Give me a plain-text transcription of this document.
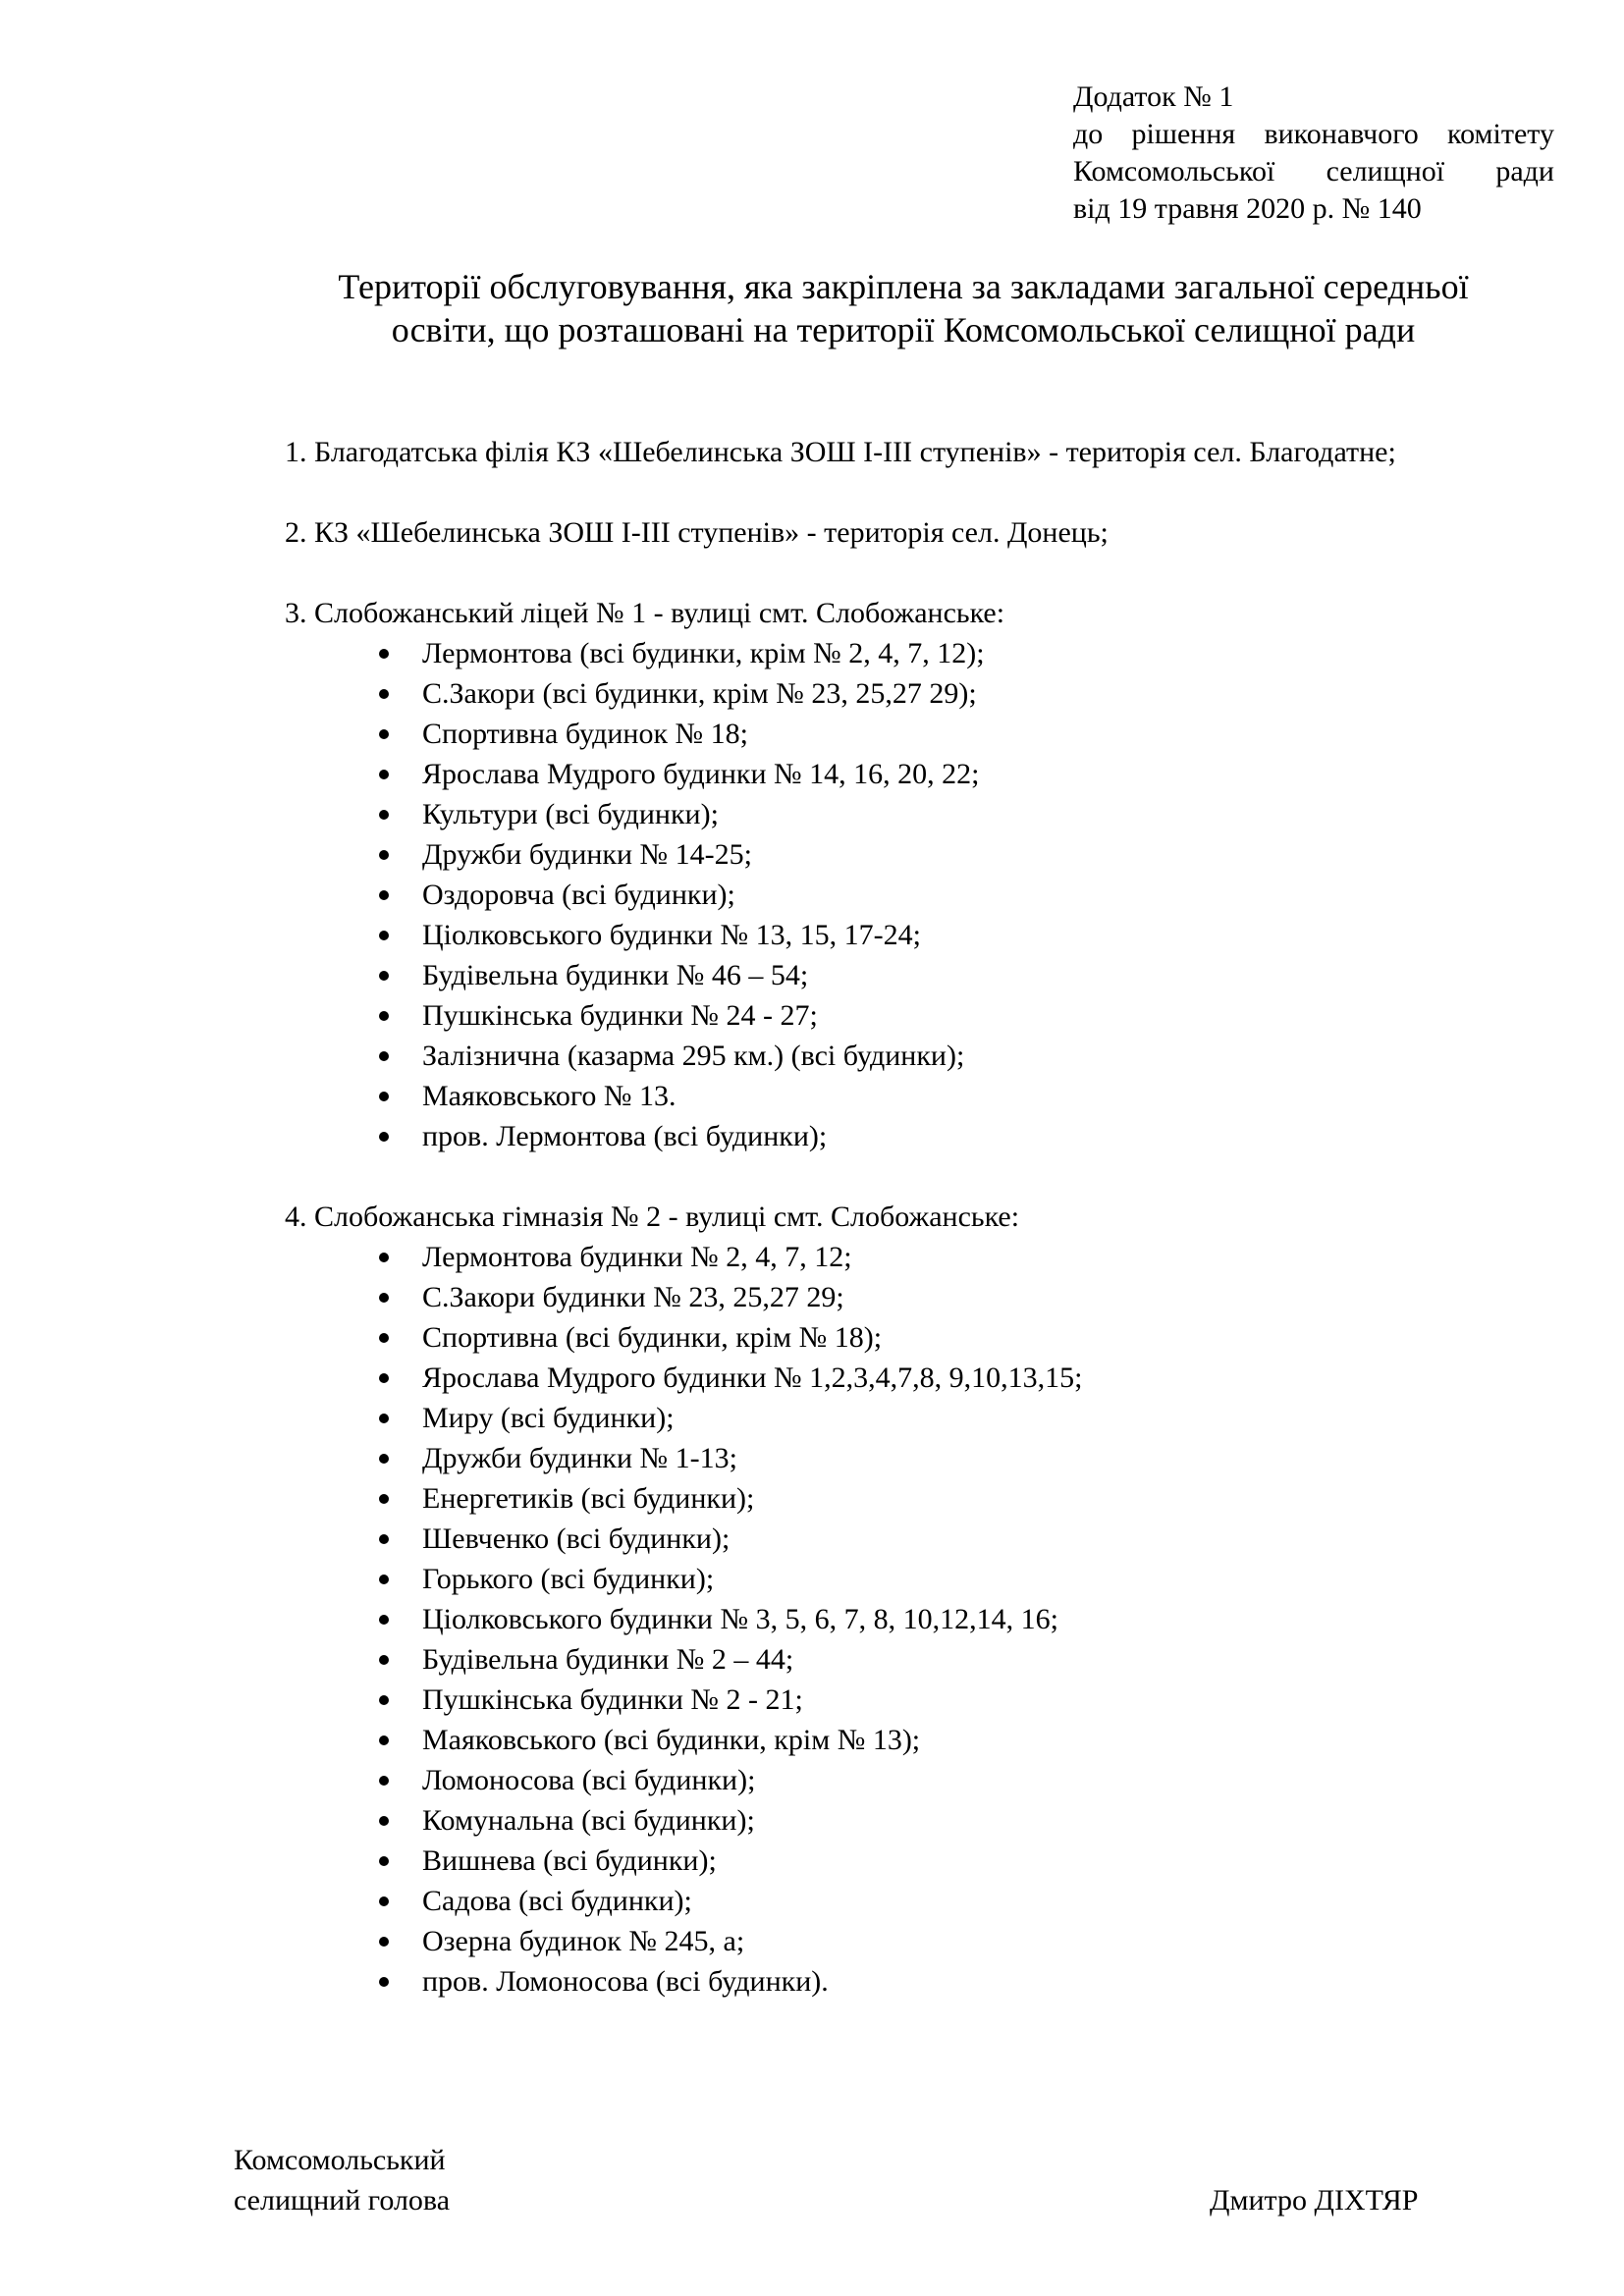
Додаток № 1
до рішення виконавчого комітету
Комсомольської селищної ради
від 19 травня 2020 р. № 140
Території обслуговування, яка закріплена за закладами загальної середньої
освіти, що розташовані на території Комсомольської селищної ради

1. Благодатська філія КЗ «Шебелинська ЗОШ І-ІІІ ступенів» - територія сел. Благодатне;

2. КЗ «Шебелинська ЗОШ І-ІІІ ступенів» - територія сел. Донець;

3. Слобожанський ліцей № 1 - вулиці смт. Слобожанське:

Лермонтова (всі будинки, крім № 2, 4, 7, 12);
С.Закори (всі будинки, крім № 23, 25,27 29);
Спортивна будинок № 18;
Ярослава Мудрого будинки № 14, 16, 20, 22;
Культури (всі будинки);
Дружби будинки № 14-25;
Оздоровча (всі будинки);
Ціолковського будинки № 13, 15, 17-24;
Будівельна будинки № 46 – 54;
Пушкінська будинки № 24 - 27;
Залізнична (казарма 295 км.) (всі будинки);
Маяковського № 13.
пров. Лермонтова (всі будинки);

4. Слобожанська гімназія № 2 - вулиці смт. Слобожанське:

Лермонтова будинки № 2, 4, 7, 12;
С.Закори будинки № 23, 25,27 29;
Спортивна (всі будинки, крім № 18);
Ярослава Мудрого будинки № 1,2,3,4,7,8, 9,10,13,15;
Миру (всі будинки);
Дружби будинки № 1-13;
Енергетиків (всі будинки);
Шевченко (всі будинки);
Горького (всі будинки);
Ціолковського будинки № 3, 5, 6, 7, 8, 10,12,14, 16;
Будівельна будинки № 2 – 44;
Пушкінська будинки № 2 - 21;
Маяковського (всі будинки, крім № 13);
Ломоносова (всі будинки);
Комунальна (всі будинки);
Вишнева (всі будинки);
Садова (всі будинки);
Озерна будинок № 245, а;
пров. Ломоносова (всі будинки).
Комсомольський
селищний голова	Дмитро ДІХТЯР
